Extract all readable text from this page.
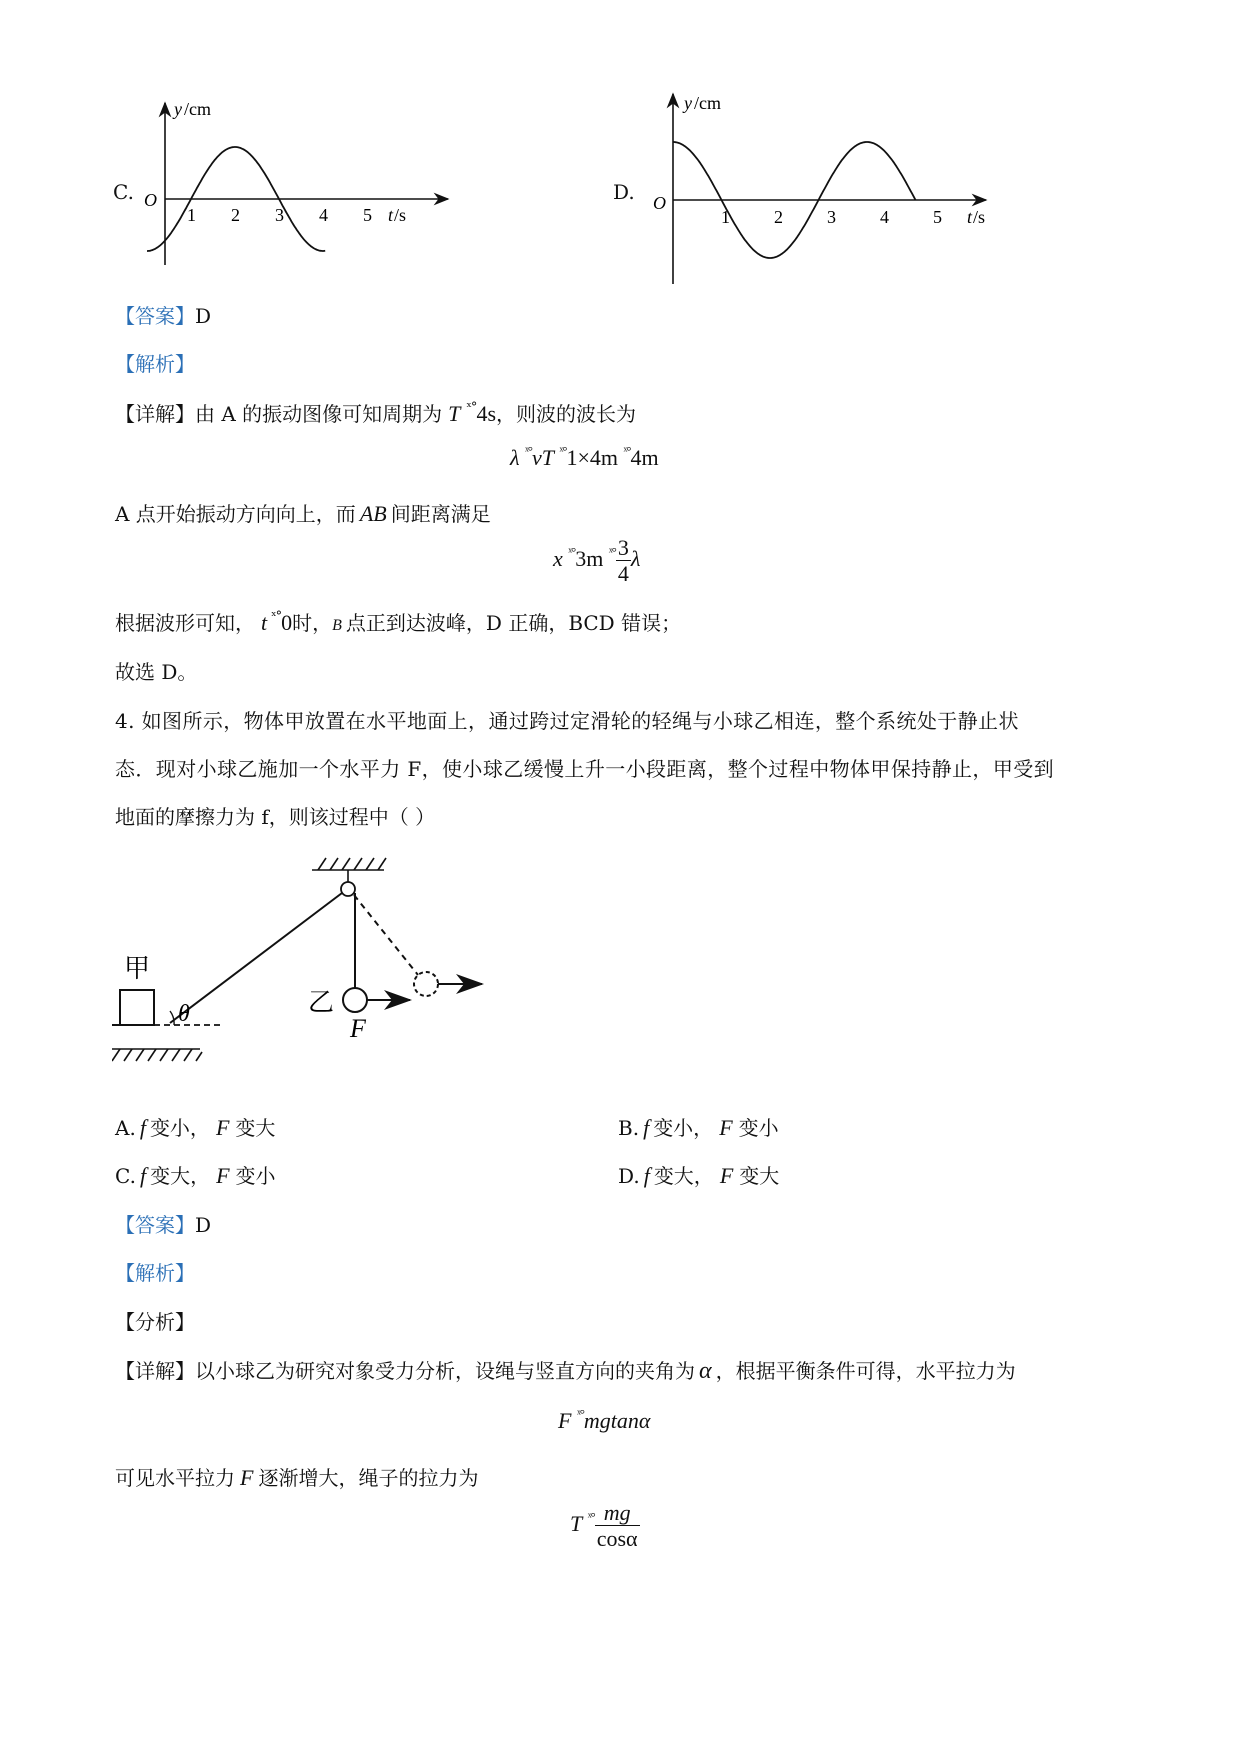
C.
y /cm
O
t /s
1 2 3 4 5
D.
y /cm
O
t /s
1 2 3 4 5
【答案】D
【解析】
【详解】由 A 的振动图像可知周期为 T $^{ˣ^\circ}$4s，则波的波长为
λ $^{ˣ^\circ}$vT $^{ˣ^\circ}$1×4m $^{ˣ^\circ}$4m
A 点开始振动方向向上，而 AB 间距离满足
x $^{ˣ^\circ}$3m $^{ˣ^\circ} \frac{3}{4}$ λ
根据波形可知， t $^{ˣ^\circ}$0时，B 点正到达波峰，D 正确，BCD 错误；
故选 D。
4. 如图所示，物体甲放置在水平地面上，通过跨过定滑轮的轻绳与小球乙相连，整个系统处于静止状
态．现对小球乙施加一个水平力 F，使小球乙缓慢上升一小段距离，整个过程中物体甲保持静止，甲受到
地面的摩擦力为 f，则该过程中（ ）
甲
乙
θ	F
A. f 变小， F 变大	B. f 变小， F 变小
C. f 变大， F 变小	D. f 变大， F 变大
【答案】D
【解析】
【分析】
【详解】以小球乙为研究对象受力分析，设绳与竖直方向的夹角为 α ，根据平衡条件可得，水平拉力为
F $^{ˣ^\circ}$mgtanα
可见水平拉力 F 逐渐增大，绳子的拉力为
T $^{ˣ^\circ} \frac{mg}{\cos\alpha}$
